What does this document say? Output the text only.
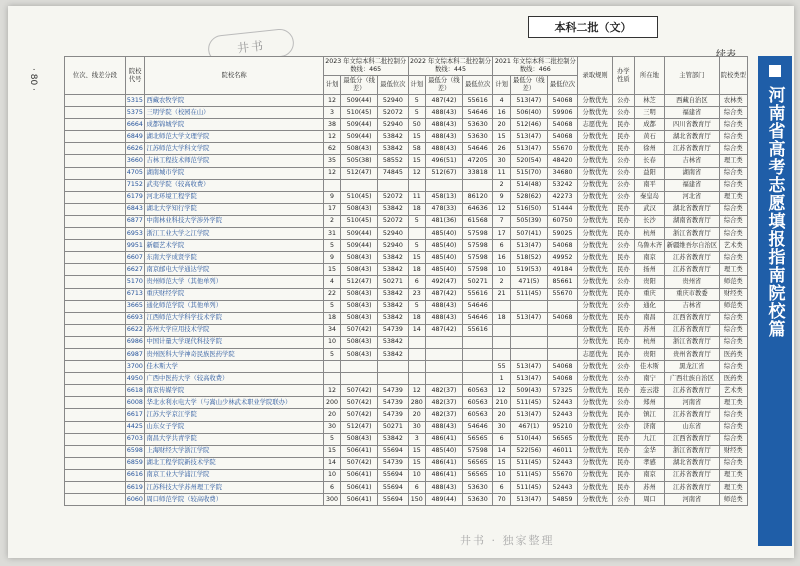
井书
本科二批（文）
· 80 ·
河南省高考志愿填报指南院校篇
井书 · 独家整理
位次、线差分段	院校代号	院校名称	2023 年文综本科二批控制分数线：465			2022 年文综本科二批控制分数线：445			2021 年文综本科二批控制分数线：466			录取规则	办学性质	所在地	主管部门	院校类型
			计划	最低分（线差）	最低位次	计划	最低分（线差）	最低位次	计划	最低分（线差）	最低位次					
	5315	西藏农牧学院	12	509(44)	52940	5	487(42)	55616	4	513(47)	54068	分数优先	公办	林芝	西藏自治区	农林类
	5375	三明学院（校园在山）	3	510(45)	52072	5	488(43)	54646	16	506(40)	59906	分数优先	公办	三明	福建省	综合类
	6664	成都锦城学院	38	509(44)	52940	50	488(43)	53630	20	512(46)	54068	志愿优先	民办	成都	四川省教育厅	综合类
	6849	湖北师范大学文理学院	12	509(44)	53842	15	488(43)	53630	15	513(47)	54068	分数优先	民办	黄石	湖北省教育厅	综合类
	6626	江苏师范大学科文学院	62	508(43)	53842	58	488(43)	54646	26	513(47)	55670	分数优先	民办	徐州	江苏省教育厅	综合类
	3660	吉林工程技术师范学院	35	505(38)	58552	15	496(51)	47205	30	520(54)	48420	分数优先	公办	长春	吉林省	理工类
	4705	湖南城市学院	12	512(47)	74845	12	512(67)	33818	11	515(70)	34680	分数优先	公办	益阳	湖南省	综合类
	7152	武夷学院（较高收费）							2	514(48)	53242	分数优先	公办	南平	福建省	综合类
	6179	河北环境工程学院	9	510(45)	52072	11	458(13)	86120	9	528(62)	42273	分数优先	公办	秦皇岛	河北省	理工类
	6843	湖北大学知行学院	17	508(43)	53842	18	478(33)	64636	12	516(50)	51444	分数优先	民办	武汉	湖北省教育厅	综合类
	6877	中南林业科技大学涉外学院	2	510(45)	52072	5	481(36)	61568	7	505(39)	60750	分数优先	民办	长沙	湖南省教育厅	综合类
	6953	浙江工业大学之江学院	31	509(44)	52940		485(40)	57598	17	507(41)	59025	分数优先	民办	杭州	浙江省教育厅	综合类
	9951	新疆艺术学院	5	509(44)	52940	5	485(40)	57598	6	513(47)	54068	分数优先	公办	乌鲁木齐	新疆维吾尔自治区	艺术类
	6607	东南大学成贤学院	9	508(43)	53842	15	485(40)	57598	16	518(52)	49952	分数优先	民办	南京	江苏省教育厅	综合类
	6627	南京邮电大学通达学院	15	508(43)	53842	18	485(40)	57598	10	519(53)	49184	分数优先	民办	扬州	江苏省教育厅	理工类
	5170	贵州师范大学（其他单列）	4	512(47)	50271	6	492(47)	50271	2	471(5)	85661	分数优先	公办	贵阳	贵州省	师范类
	6713	重庆财经学院	22	508(43)	53842	23	487(42)	55616	21	511(45)	55670	分数优先	民办	重庆	重庆市教委	财经类
	3665	通化师范学院（其他单列）	5	508(43)	53842	5	488(43)	54646				分数优先	公办	通化	吉林省	师范类
	6693	江西师范大学科学技术学院	18	508(43)	53842	18	488(43)	54646	18	513(47)	54068	分数优先	民办	南昌	江西省教育厅	综合类
	6622	苏州大学应用技术学院	34	507(42)	54739	14	487(42)	55616				分数优先	民办	苏州	江苏省教育厅	综合类
	6986	中国计量大学现代科技学院	10	508(43)	53842							分数优先	民办	杭州	浙江省教育厅	综合类
	6987	贵州医科大学神奇民族医药学院	5	508(43)	53842							志愿优先	民办	贵阳	贵州省教育厅	医药类
	3700	佳木斯大学							55	513(47)	54068	分数优先	公办	佳木斯	黑龙江省	综合类
	4950	广西中医药大学（较高收费）							1	513(47)	54068	分数优先	公办	南宁	广西壮族自治区	医药类
	6618	南京传媒学院	12	507(42)	54739	12	482(37)	60563	12	509(43)	57325	分数优先	民办	连云港	江苏省教育厅	艺术类
	6008	华北水利水电大学（与嵩山少林武术职业学院联办）	200	507(42)	54739	280	482(37)	60563	210	511(45)	52443	分数优先	公办	郑州	河南省	理工类
	6617	江苏大学京江学院	20	507(42)	54739	20	482(37)	60563	20	513(47)	52443	分数优先	民办	镇江	江苏省教育厅	综合类
	4425	山东女子学院	30	512(47)	50271	30	488(43)	54646	30	467(1)	95210	分数优先	公办	济南	山东省	综合类
	6703	南昌大学共青学院	5	508(43)	53842	3	486(41)	56565	6	510(44)	56565	分数优先	民办	九江	江西省教育厅	综合类
	6598	上海财经大学浙江学院	15	506(41)	55694	15	485(40)	57598	14	522(56)	46011	分数优先	民办	金华	浙江省教育厅	财经类
	6859	湖北工程学院新技术学院	14	507(42)	54739	15	486(41)	56565	15	511(45)	52443	分数优先	民办	孝感	湖北省教育厅	综合类
	6616	南京工业大学浦江学院	10	506(41)	55694	10	486(41)	56565	10	511(45)	55670	分数优先	民办	南京	江苏省教育厅	理工类
	6619	江苏科技大学苏州理工学院	6	506(41)	55694	6	488(43)	53630	6	511(45)	52443	分数优先	民办	苏州	江苏省教育厅	理工类
	6060	周口师范学院（较高收费）	300	506(41)	55694	150	489(44)	53630	70	513(47)	54859	分数优先	公办	周口	河南省	师范类
